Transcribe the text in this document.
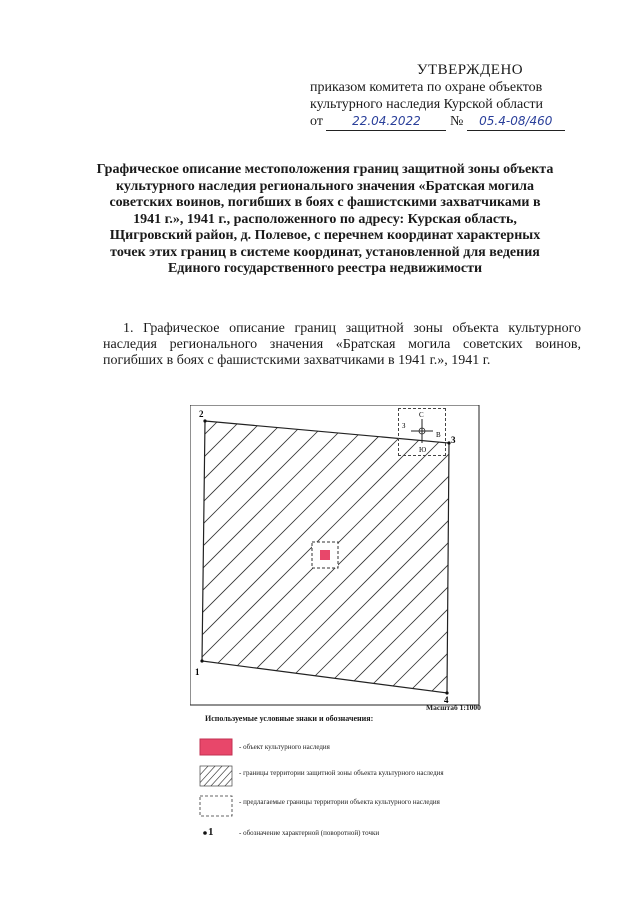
УТВЕРЖДЕНО
приказом комитета по охране объектов
культурного наследия Курской области
от 22.04.2022 № 05.4-08/460
Графическое описание местоположения границ защитной зоны объекта культурного наследия регионального значения «Братская могила советских воинов, погибших в боях с фашистскими захватчиками в 1941 г.», 1941 г., расположенного по адресу: Курская область, Щигровский район, д. Полевое, с перечнем координат характерных точек этих границ в системе координат, установленной для ведения Единого государственного реестра недвижимости
1. Графическое описание границ защитной зоны объекта культурного наследия регионального значения «Братская могила советских воинов, погибших в боях с фашистскими захватчиками в 1941 г.», 1941 г.
1
2
3
4
С
Ю
З
В
Масштаб 1:1000
Используемые условные знаки и обозначения:
- объект культурного наследия
- границы территории защитной зоны объекта культурного наследия
- предлагаемые границы территории объекта культурного наследия
1	- обозначение характерной (поворотной) точки
